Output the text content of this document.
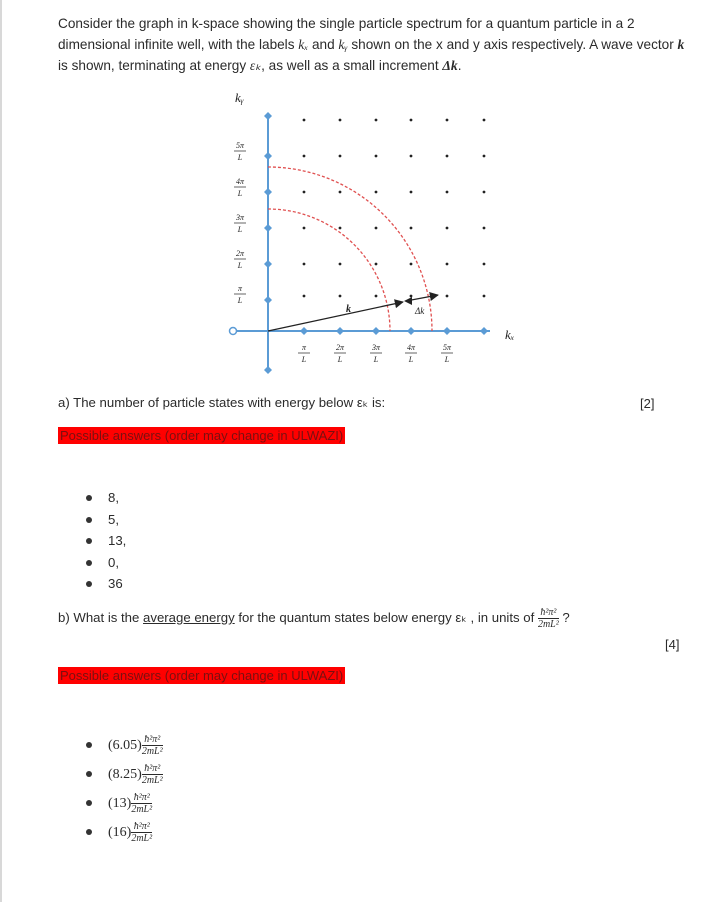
Consider the graph in k-space showing the single particle spectrum for a quantum particle in a 2 dimensional infinite well, with the labels kₓ and kᵧ shown on the x and y axis respectively. A wave vector k is shown, terminating at energy εₖ, as well as a small increment Δk.
k	Δk
kᵧ
kₓ
5π
L
4π
L
3π
L
2π
L
π
L
π
L
2π
L
3π
L
4π
L
5π
L
a) The number of particle states with energy below εₖ is:	[2]
Possible answers (order may change in ULWAZI)
8,
5,
13,
0,
36
b) What is the average energy for the quantum states below energy εₖ , in units of $\frac{\text{ħ²π²}}{\text{2mL²}}$ ?
[4]
Possible answers (order may change in ULWAZI)
$(6.05) \frac{\text{ħ²π²}}{\text{2mL²}}$
$(8.25) \frac{\text{ħ²π²}}{\text{2mL²}}$
$(13) \frac{\text{ħ²π²}}{\text{2mL²}}$
$(16) \frac{\text{ħ²π²}}{\text{2mL²}}$
